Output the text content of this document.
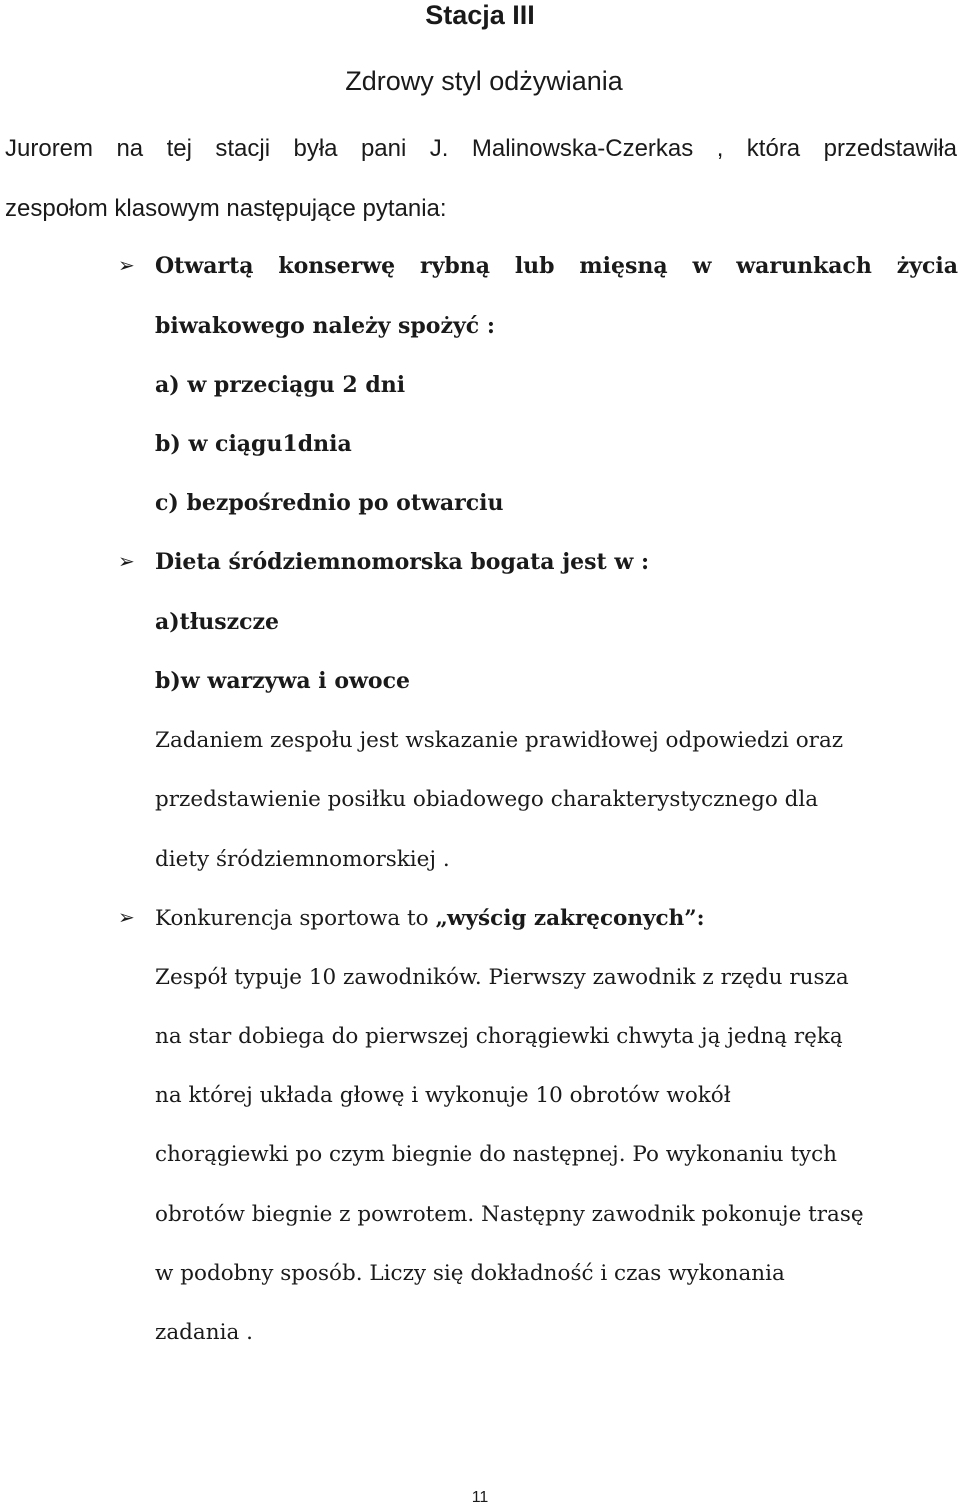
Stacja III
Zdrowy styl odżywiania
Jurorem na tej stacji była pani J. Malinowska-Czerkas , która przedstawiła
zespołom klasowym następujące pytania:
➢ Otwartą konserwę rybną lub mięsną w warunkach życia
biwakowego należy spożyć :
a) w przeciągu 2 dni
b) w ciągu1dnia
c) bezpośrednio po otwarciu
➢ Dieta śródziemnomorska bogata jest w :
a)tłuszcze
b)w warzywa i owoce
Zadaniem zespołu jest wskazanie prawidłowej odpowiedzi oraz
przedstawienie posiłku obiadowego charakterystycznego dla
diety śródziemnomorskiej .
➢ Konkurencja sportowa to „wyścig zakręconych”:
Zespół typuje 10 zawodników. Pierwszy zawodnik z rzędu rusza
na star dobiega do pierwszej chorągiewki chwyta ją jedną ręką
na której układa głowę i wykonuje 10 obrotów wokół
chorągiewki po czym biegnie do następnej. Po wykonaniu tych
obrotów biegnie z powrotem. Następny zawodnik pokonuje trasę
w podobny sposób. Liczy się dokładność i czas wykonania
zadania .
11
